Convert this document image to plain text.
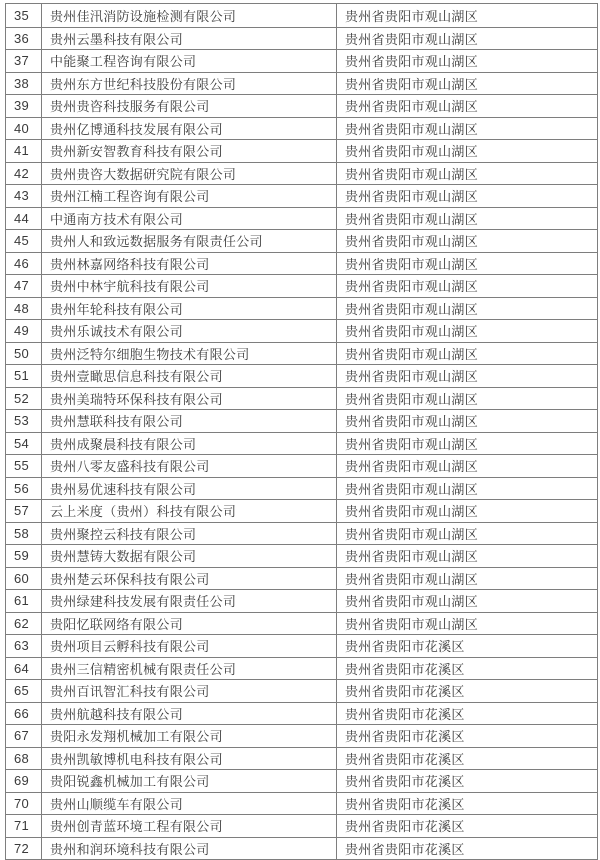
35	贵州佳汛消防设施检测有限公司	贵州省贵阳市观山湖区
36	贵州云墨科技有限公司	贵州省贵阳市观山湖区
37	中能聚工程咨询有限公司	贵州省贵阳市观山湖区
38	贵州东方世纪科技股份有限公司	贵州省贵阳市观山湖区
39	贵州贵咨科技服务有限公司	贵州省贵阳市观山湖区
40	贵州亿博通科技发展有限公司	贵州省贵阳市观山湖区
41	贵州新安智教育科技有限公司	贵州省贵阳市观山湖区
42	贵州贵咨大数据研究院有限公司	贵州省贵阳市观山湖区
43	贵州江楠工程咨询有限公司	贵州省贵阳市观山湖区
44	中通南方技术有限公司	贵州省贵阳市观山湖区
45	贵州人和致远数据服务有限责任公司	贵州省贵阳市观山湖区
46	贵州林嘉网络科技有限公司	贵州省贵阳市观山湖区
47	贵州中林宇航科技有限公司	贵州省贵阳市观山湖区
48	贵州年轮科技有限公司	贵州省贵阳市观山湖区
49	贵州乐诚技术有限公司	贵州省贵阳市观山湖区
50	贵州泛特尔细胞生物技术有限公司	贵州省贵阳市观山湖区
51	贵州壹瞰思信息科技有限公司	贵州省贵阳市观山湖区
52	贵州美瑞特环保科技有限公司	贵州省贵阳市观山湖区
53	贵州慧联科技有限公司	贵州省贵阳市观山湖区
54	贵州成聚晨科技有限公司	贵州省贵阳市观山湖区
55	贵州八零友盛科技有限公司	贵州省贵阳市观山湖区
56	贵州易优速科技有限公司	贵州省贵阳市观山湖区
57	云上米度（贵州）科技有限公司	贵州省贵阳市观山湖区
58	贵州聚控云科技有限公司	贵州省贵阳市观山湖区
59	贵州慧铸大数据有限公司	贵州省贵阳市观山湖区
60	贵州楚云环保科技有限公司	贵州省贵阳市观山湖区
61	贵州绿建科技发展有限责任公司	贵州省贵阳市观山湖区
62	贵阳忆联网络有限公司	贵州省贵阳市观山湖区
63	贵州项目云孵科技有限公司	贵州省贵阳市花溪区
64	贵州三信精密机械有限责任公司	贵州省贵阳市花溪区
65	贵州百讯智汇科技有限公司	贵州省贵阳市花溪区
66	贵州航越科技有限公司	贵州省贵阳市花溪区
67	贵阳永发翔机械加工有限公司	贵州省贵阳市花溪区
68	贵州凯敏博机电科技有限公司	贵州省贵阳市花溪区
69	贵阳锐鑫机械加工有限公司	贵州省贵阳市花溪区
70	贵州山顺缆车有限公司	贵州省贵阳市花溪区
71	贵州创青蓝环境工程有限公司	贵州省贵阳市花溪区
72	贵州和润环境科技有限公司	贵州省贵阳市花溪区
